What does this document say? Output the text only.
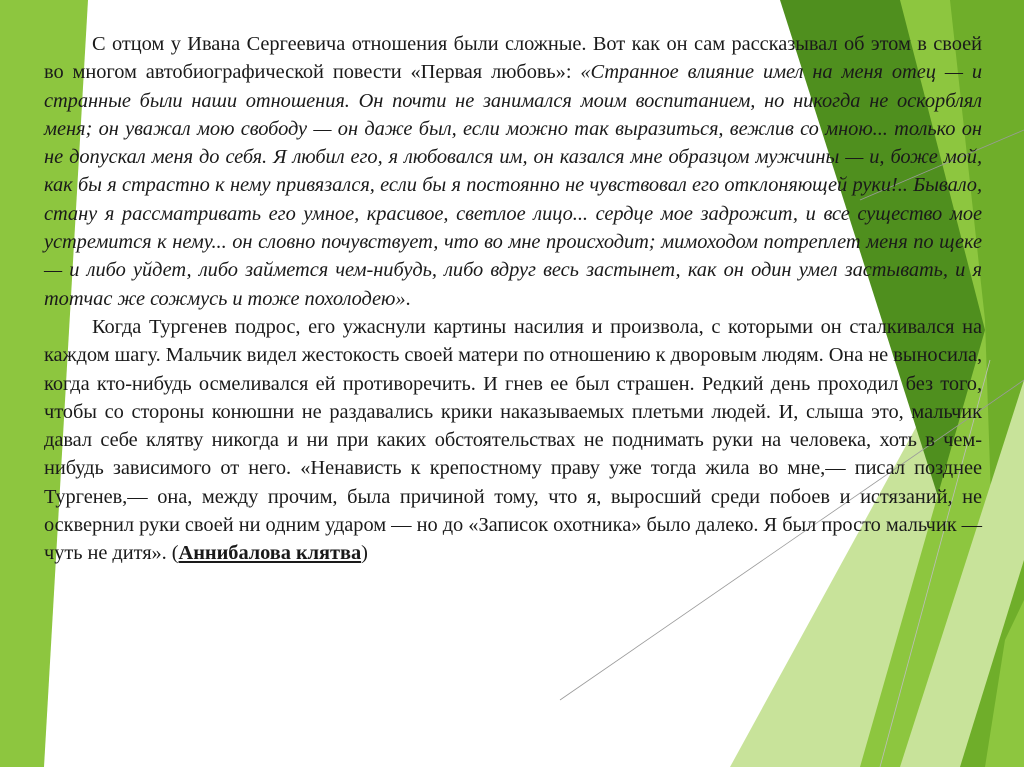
С отцом у Ивана Сергеевича отношения были сложные. Вот как он сам рассказывал об этом в своей во многом автобиографической повести «Первая любовь»: «Странное влияние имел на меня отец — и странные были наши отношения. Он почти не занимался моим воспитанием, но никогда не оскорблял меня; он уважал мою свободу — он даже был, если можно так выразиться, вежлив со мною... только он не допускал меня до себя. Я любил его, я любовался им, он казался мне образцом мужчины — и, боже мой, как бы я страстно к нему привязался, если бы я постоянно не чувствовал его отклоняющей руки!.. Бывало, стану я рассматривать его умное, красивое, светлое лицо... сердце мое задрожит, и все существо мое устремится к нему... он словно почувствует, что во мне происходит; мимоходом потреплет меня по щеке — и либо уйдет, либо займется чем-нибудь, либо вдруг весь застынет, как он один умел застывать, и я тотчас же сожмусь и тоже похолодею».

Когда Тургенев подрос, его ужаснули картины насилия и произвола, с которыми он сталкивался на каждом шагу. Мальчик видел жестокость своей матери по отношению к дворовым людям. Она не выносила, когда кто-нибудь осмеливался ей противоречить. И гнев ее был страшен. Редкий день проходил без того, чтобы со стороны конюшни не раздавались крики наказываемых плетьми людей. И, слыша это, мальчик давал себе клятву никогда и ни при каких обстоятельствах не поднимать руки на человека, хоть в чем-нибудь зависимого от него. «Ненависть к крепостному праву уже тогда жила во мне,— писал позднее Тургенев,— она, между прочим, была причиной тому, что я, выросший среди побоев и истязаний, не осквернил руки своей ни одним ударом — но до «Записок охотника» было далеко. Я был просто мальчик — чуть не дитя». (Аннибалова клятва)
